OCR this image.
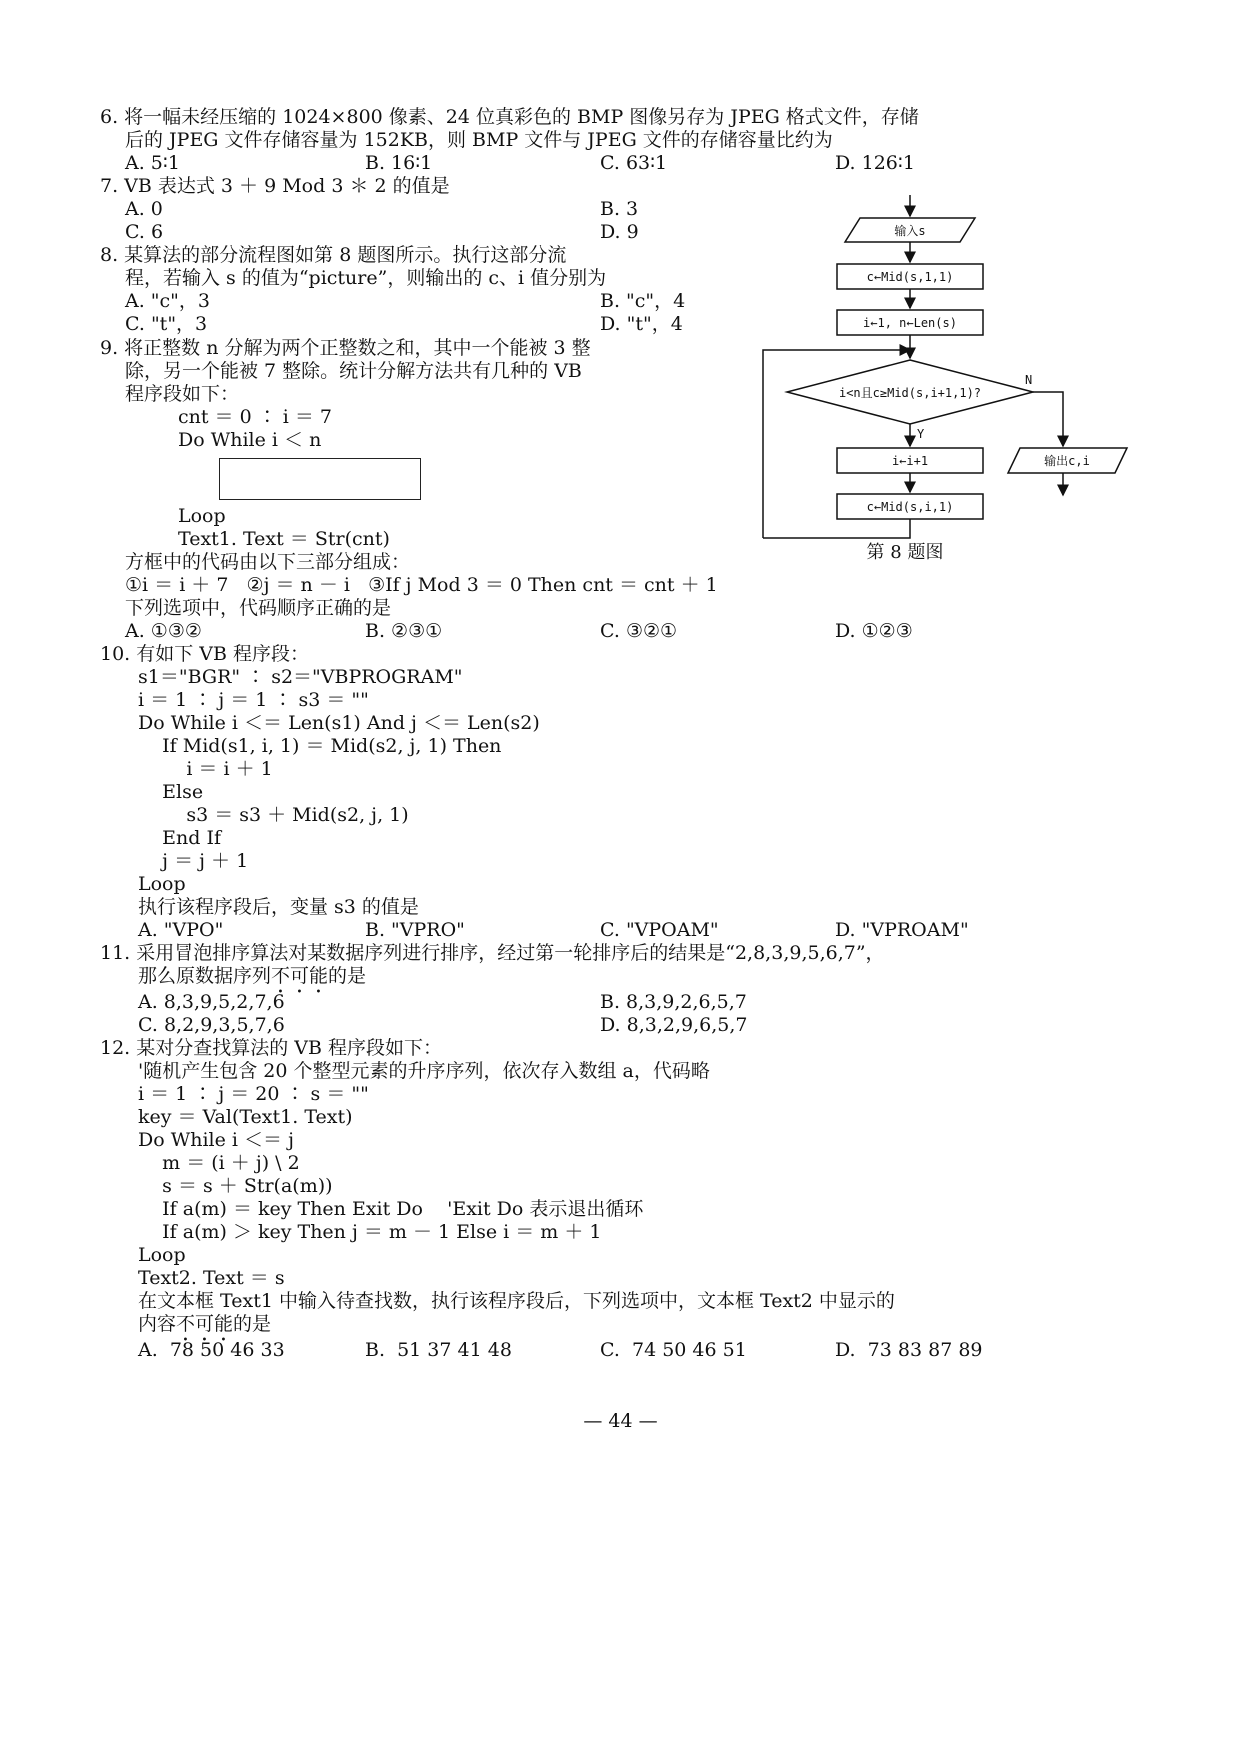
6. 将一幅未经压缩的 1024×800 像素、24 位真彩色的 BMP 图像另存为 JPEG 格式文件，存储
后的 JPEG 文件存储容量为 152KB，则 BMP 文件与 JPEG 文件的存储容量比约为
A. 5∶1	B. 16∶1	C. 63∶1	D. 126∶1
7. VB 表达式 3 ＋ 9 Mod 3 ＊ 2 的值是
A. 0	B. 3
C. 6	D. 9
8. 某算法的部分流程图如第 8 题图所示。执行这部分流
程，若输入 s 的值为“picture”，则输出的 c、i 值分别为
A. "c"，3	B. "c"，4
C. "t"，3	D. "t"，4
9. 将正整数 n 分解为两个正整数之和，其中一个能被 3 整
除，另一个能被 7 整除。统计分解方法共有几种的 VB
程序段如下：
cnt ＝ 0 ∶ i ＝ 7
Do While i ＜ n
Loop
Text1. Text ＝ Str(cnt)
方框中的代码由以下三部分组成：
①i ＝ i ＋ 7   ②j ＝ n － i   ③If j Mod 3 ＝ 0 Then cnt ＝ cnt ＋ 1
下列选项中，代码顺序正确的是
A. ①③②	B. ②③①	C. ③②①	D. ①②③
输入s
c←Mid(s,1,1)
i←1, n←Len(s)
i<n且c≥Mid(s,i+1,1)?
Y
N
i←i+1
c←Mid(s,i,1)
输出c,i
第 8 题图
10. 有如下 VB 程序段：
s1＝"BGR" ∶ s2＝"VBPROGRAM"
i ＝ 1 ∶ j ＝ 1 ∶ s3 ＝ ""
Do While i ＜＝ Len(s1) And j ＜＝ Len(s2)
If Mid(s1, i, 1) ＝ Mid(s2, j, 1) Then
i ＝ i ＋ 1
Else
s3 ＝ s3 ＋ Mid(s2, j, 1)
End If
j ＝ j ＋ 1
Loop
执行该程序段后，变量 s3 的值是
A. "VPO"	B. "VPRO"	C. "VPOAM"	D. "VPROAM"
11. 采用冒泡排序算法对某数据序列进行排序，经过第一轮排序后的结果是“2,8,3,9,5,6,7”，
那么原数据序列不可能的是
A. 8,3,9,5,2,7,6	B. 8,3,9,2,6,5,7
C. 8,2,9,3,5,7,6	D. 8,3,2,9,6,5,7
12. 某对分查找算法的 VB 程序段如下：
'随机产生包含 20 个整型元素的升序序列，依次存入数组 a，代码略
i ＝ 1 ∶ j ＝ 20 ∶ s ＝ ""
key ＝ Val(Text1. Text)
Do While i ＜＝ j
m ＝ (i ＋ j) \ 2
s ＝ s ＋ Str(a(m))
If a(m) ＝ key Then Exit Do    'Exit Do 表示退出循环
If a(m) ＞ key Then j ＝ m － 1 Else i ＝ m ＋ 1
Loop
Text2. Text ＝ s
在文本框 Text1 中输入待查找数，执行该程序段后，下列选项中，文本框 Text2 中显示的
内容不可能的是
A.  78 50 46 33	B.  51 37 41 48	C.  74 50 46 51	D.  73 83 87 89
— 44 —
